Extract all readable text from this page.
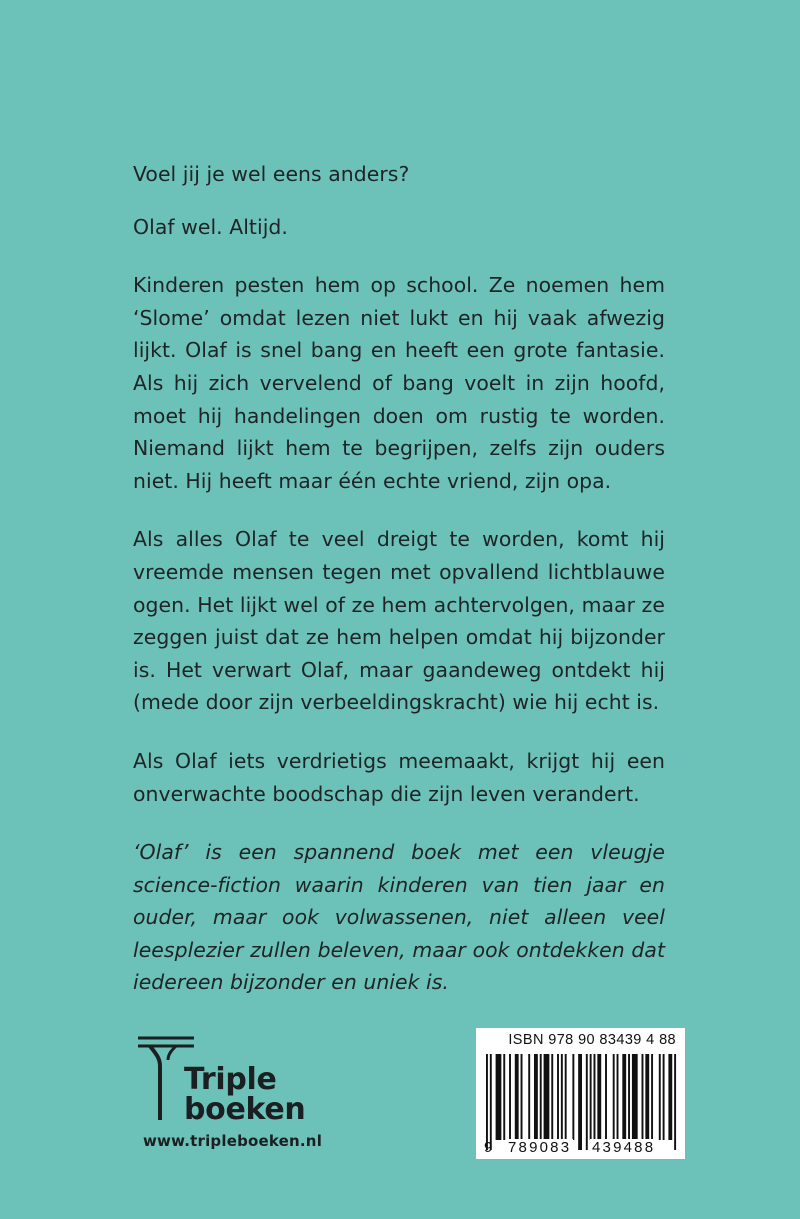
Voel jij je wel eens anders?

Olaf wel. Altijd.

Kinderen pesten hem op school. Ze noemen hem ‘Slome’ omdat lezen niet lukt en hij vaak afwezig lijkt. Olaf is snel bang en heeft een grote fantasie. Als hij zich vervelend of bang voelt in zijn hoofd, moet hij handelingen doen om rustig te worden. Niemand lijkt hem te begrijpen, zelfs zijn ouders niet. Hij heeft maar één echte vriend, zijn opa.

Als alles Olaf te veel dreigt te worden, komt hij vreemde mensen tegen met opvallend lichtblauwe ogen. Het lijkt wel of ze hem achtervolgen, maar ze zeggen juist dat ze hem helpen omdat hij bijzonder is. Het verwart Olaf, maar gaandeweg ontdekt hij (mede door zijn verbeeldingskracht) wie hij echt is.

Als Olaf iets verdrietigs meemaakt, krijgt hij een onverwachte boodschap die zijn leven verandert.

‘Olaf’ is een spannend boek met een vleugje science-fiction waarin kinderen van tien jaar en ouder, maar ook volwassenen, niet alleen veel leesplezier zullen beleven, maar ook ontdekken dat iedereen bijzonder en uniek is.

Triple
boeken
www.tripleboeken.nl
ISBN 978 90 83439 4 88
9 789083 439488
